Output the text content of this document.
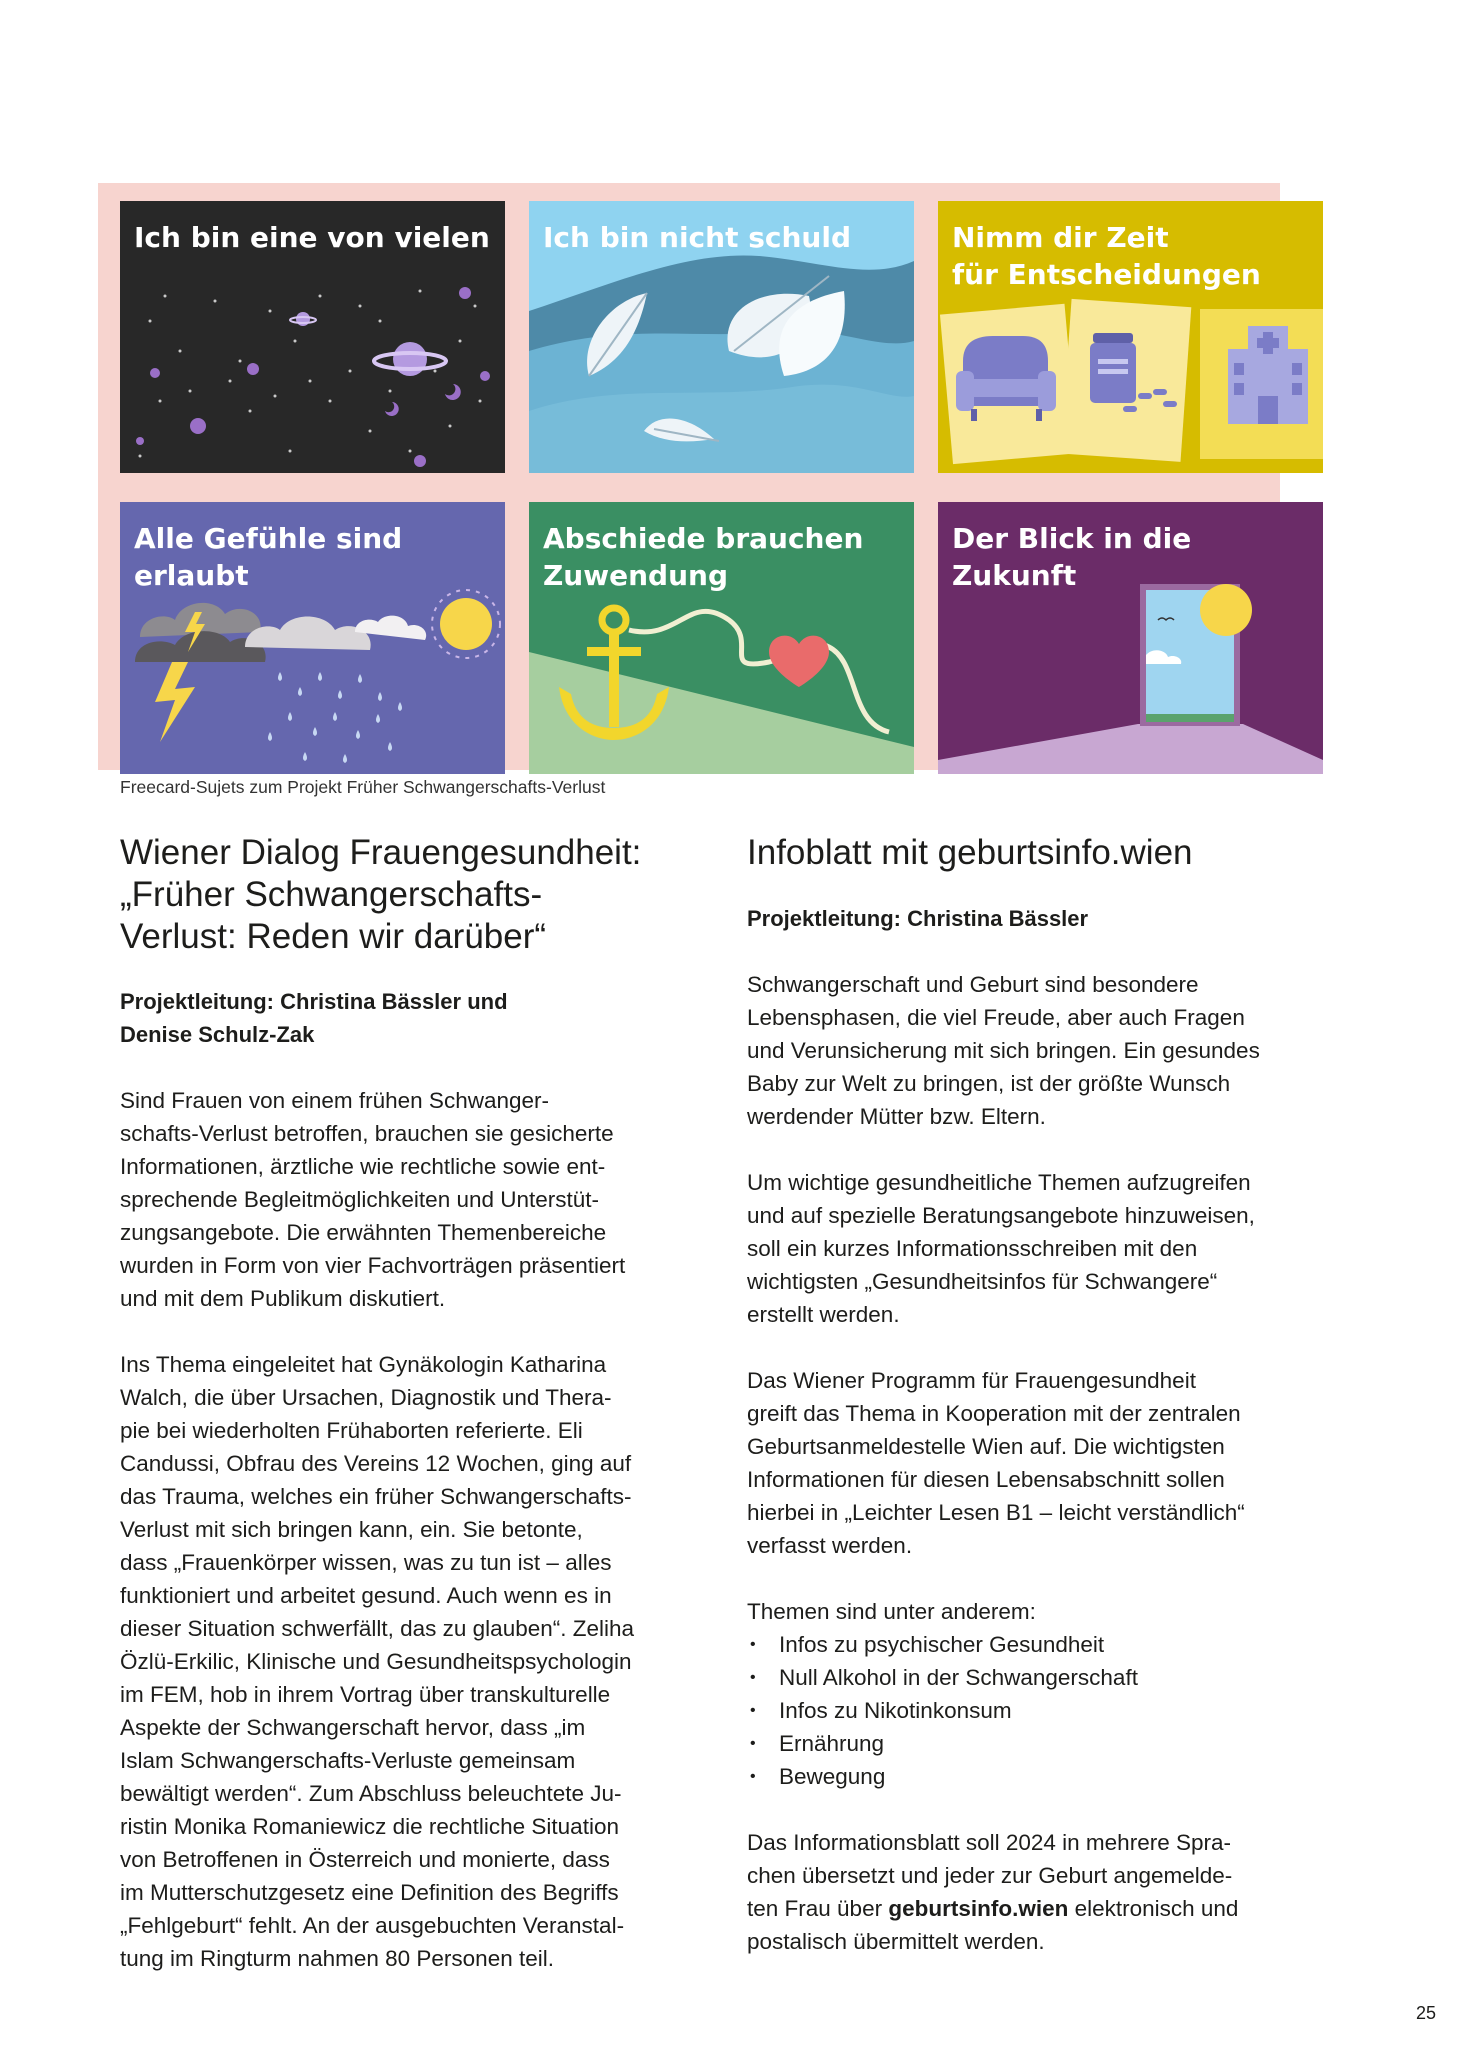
Ich bin eine von vielen Ich bin nicht schuld	Nimm dir Zeit
für Entscheidungen
Alle Gefühle sind erlaubt
Abschiede brauchen
Zuwendung
Der Blick in die Zukunft
Freecard-Sujets zum Projekt Früher Schwangerschafts-Verlust
Wiener Dialog Frauengesundheit:
„Früher Schwangerschafts-
Verlust: Reden wir darüber“
Projektleitung: Christina Bässler und
Denise Schulz-Zak

Sind Frauen von einem frühen Schwanger-
schafts-Verlust betroffen, brauchen sie gesicherte
Informationen, ärztliche wie rechtliche sowie ent-
sprechende Begleitmöglichkeiten und Unterstüt-
zungsangebote. Die erwähnten Themenbereiche
wurden in Form von vier Fachvorträgen präsentiert
und mit dem Publikum diskutiert.

Ins Thema eingeleitet hat Gynäkologin Katharina
Walch, die über Ursachen, Diagnostik und Thera-
pie bei wiederholten Frühaborten referierte. Eli
Candussi, Obfrau des Vereins 12 Wochen, ging auf
das Trauma, welches ein früher Schwangerschafts-
Verlust mit sich bringen kann, ein. Sie betonte,
dass „Frauenkörper wissen, was zu tun ist – alles
funktioniert und arbeitet gesund. Auch wenn es in
dieser Situation schwerfällt, das zu glauben“. Zeliha
Özlü-Erkilic, Klinische und Gesundheitspsychologin
im FEM, hob in ihrem Vortrag über transkulturelle
Aspekte der Schwangerschaft hervor, dass „im
Islam Schwangerschafts-Verluste gemeinsam
bewältigt werden“. Zum Abschluss beleuchtete Ju-
ristin Monika Romaniewicz die rechtliche Situation
von Betroffenen in Österreich und monierte, dass
im Mutterschutzgesetz eine Definition des Begriffs
„Fehlgeburt“ fehlt. An der ausgebuchten Veranstal-
tung im Ringturm nahmen 80 Personen teil.

Infoblatt mit geburtsinfo.wien
Projektleitung: Christina Bässler

Schwangerschaft und Geburt sind besondere
Lebensphasen, die viel Freude, aber auch Fragen
und Verunsicherung mit sich bringen. Ein gesundes
Baby zur Welt zu bringen, ist der größte Wunsch
werdender Mütter bzw. Eltern.

Um wichtige gesundheitliche Themen aufzugreifen
und auf spezielle Beratungsangebote hinzuweisen,
soll ein kurzes Informationsschreiben mit den
wichtigsten „Gesundheitsinfos für Schwangere“
erstellt werden.

Das Wiener Programm für Frauengesundheit
greift das Thema in Kooperation mit der zentralen
Geburtsanmeldestelle Wien auf. Die wichtigsten
Informationen für diesen Lebensabschnitt sollen
hierbei in „Leichter Lesen B1 – leicht verständlich“
verfasst werden.

Themen sind unter anderem:

• Infos zu psychischer Gesundheit
• Null Alkohol in der Schwangerschaft
• Infos zu Nikotinkonsum
• Ernährung
• Bewegung

Das Informationsblatt soll 2024 in mehrere Spra-
chen übersetzt und jeder zur Geburt angemelde-
ten Frau über geburtsinfo.wien elektronisch und
postalisch übermittelt werden.

25
